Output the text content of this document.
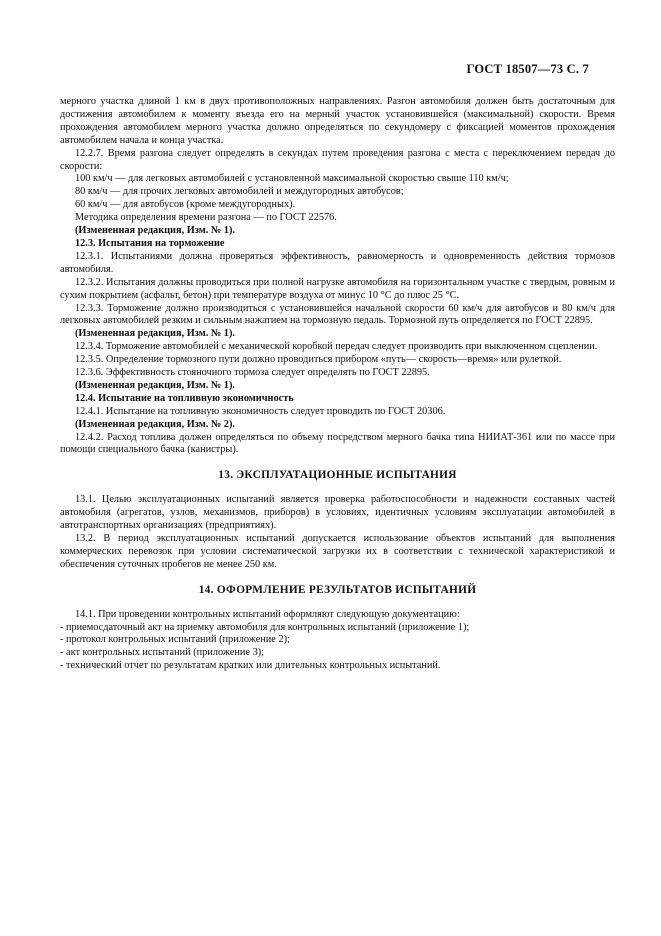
ГОСТ 18507—73 С. 7

мерного участка длиной 1 км в двух противоположных направлениях. Разгон автомобиля должен быть достаточным для достижения автомобилем к моменту въезда его на мерный участок установившейся (максимальной) скорости. Время прохождения автомобилем мерного участка должно определяться по секундомеру с фиксацией моментов прохождения автомобилем начала и конца участка.

12.2.7. Время разгона следует определять в секундах путем проведения разгона с места с переключением передач до скорости:

100 км/ч — для легковых автомобилей с установленной максимальной скоростью свыше 110 км/ч;

80 км/ч — для прочих легковых автомобилей и междугородных автобусов;

60 км/ч — для автобусов (кроме междугородных).

Методика определения времени разгона — по ГОСТ 22576.

(Измененная редакция, Изм. № 1).

12.3. Испытания на торможение

12.3.1. Испытаниями должна проверяться эффективность, равномерность и одновременность действия тормозов автомобиля.

12.3.2. Испытания должны проводиться при полной нагрузке автомобиля на горизонтальном участке с твердым, ровным и сухим покрытием (асфальт, бетон) при температуре воздуха от минус 10 °С до плюс 25 °С.

12.3.3. Торможение должно производиться с установившейся начальной скорости 60 км/ч для автобусов и 80 км/ч для легковых автомобилей резким и сильным нажатием на тормозную педаль. Тормозной путь определяется по ГОСТ 22895.

(Измененная редакция, Изм. № 1).

12.3.4. Торможение автомобилей с механической коробкой передач следует производить при выключенном сцеплении.

12.3.5. Определение тормозного пути должно проводиться прибором «путь— скорость—время» или рулеткой.

12.3.6. Эффективность стояночного тормоза следует определять по ГОСТ 22895.

(Измененная редакция, Изм. № 1).

12.4. Испытание на топливную экономичность

12.4.1. Испытание на топливную экономичность следует проводить по ГОСТ 20306.

(Измененная редакция, Изм. № 2).

12.4.2. Расход топлива должен определяться по объему посредством мерного бачка типа НИИАТ-361 или по массе при помощи специального бачка (канистры).

13. ЭКСПЛУАТАЦИОННЫЕ ИСПЫТАНИЯ

13.1. Целью эксплуатационных испытаний является проверка работоспособности и надежности составных частей автомобиля (агрегатов, узлов, механизмов, приборов) в условиях, идентичных условиям эксплуатации автомобилей в автотранспортных организациях (предприятиях).

13.2. В период эксплуатационных испытаний допускается использование объектов испытаний для выполнения коммерческих перевозок при условии систематической загрузки их в соответствии с технической характеристикой и обеспечения суточных пробегов не менее 250 км.

14. ОФОРМЛЕНИЕ РЕЗУЛЬТАТОВ ИСПЫТАНИЙ

14.1. При проведении контрольных испытаний оформляют следующую документацию:

- приемосдаточный акт на приемку автомобиля для контрольных испытаний (приложение 1);

- протокол контрольных испытаний (приложение 2);

- акт контрольных испытаний (приложение 3);

- технический отчет по результатам кратких или длительных контрольных испытаний.
